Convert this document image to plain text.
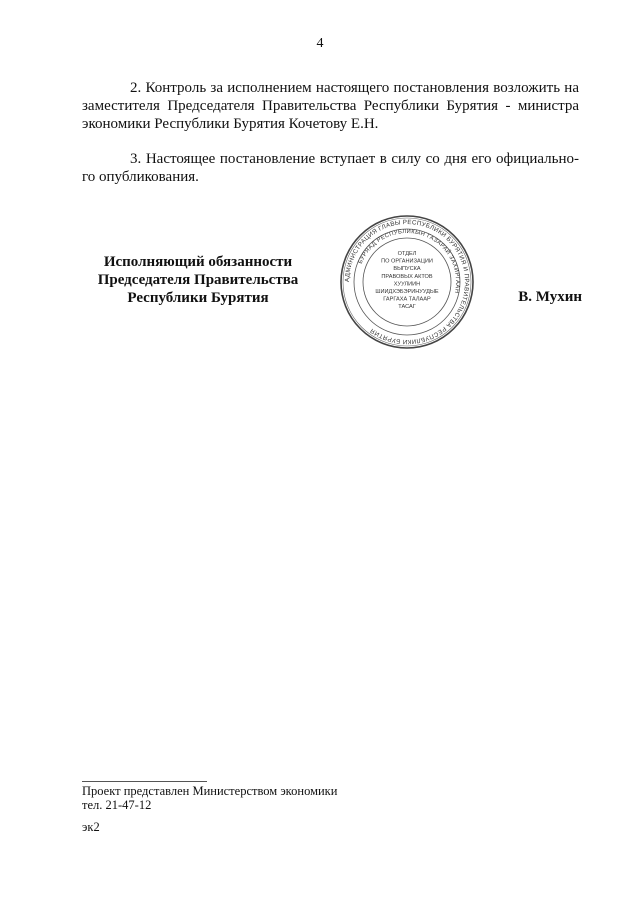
4
2. Контроль за исполнением настоящего постановления возложить на
заместителя Председателя Правительства Республики Бурятия - министра
экономики Республики Бурятия Кочетову Е.Н.
3. Настоящее постановление вступает в силу со дня его официально-
го опубликования.
Исполняющий обязанности
Председателя Правительства
Республики Бурятия
АДМИНИСТРАЦИЯ ГЛАВЫ РЕСПУБЛИКИ БУРЯТИЯ И ПРАВИТЕЛЬСТВА РЕСПУБЛИКИ БУРЯТИЯ
БУРЯАД РЕСПУБЛИКЫН ГАЗАРАЙ ЗАХИРГААН
ОТДЕЛ
ПО ОРГАНИЗАЦИИ
ВЫПУСКА
ПРАВОВЫХ АКТОВ
ХУУЛИИН
ШИИДХЭБЭРИНУУДЫЕ
ГАРГАХА ТАЛААР
ТАСАГ
В. Мухин
Проект представлен Министерством экономики
тел. 21-47-12
эк2
